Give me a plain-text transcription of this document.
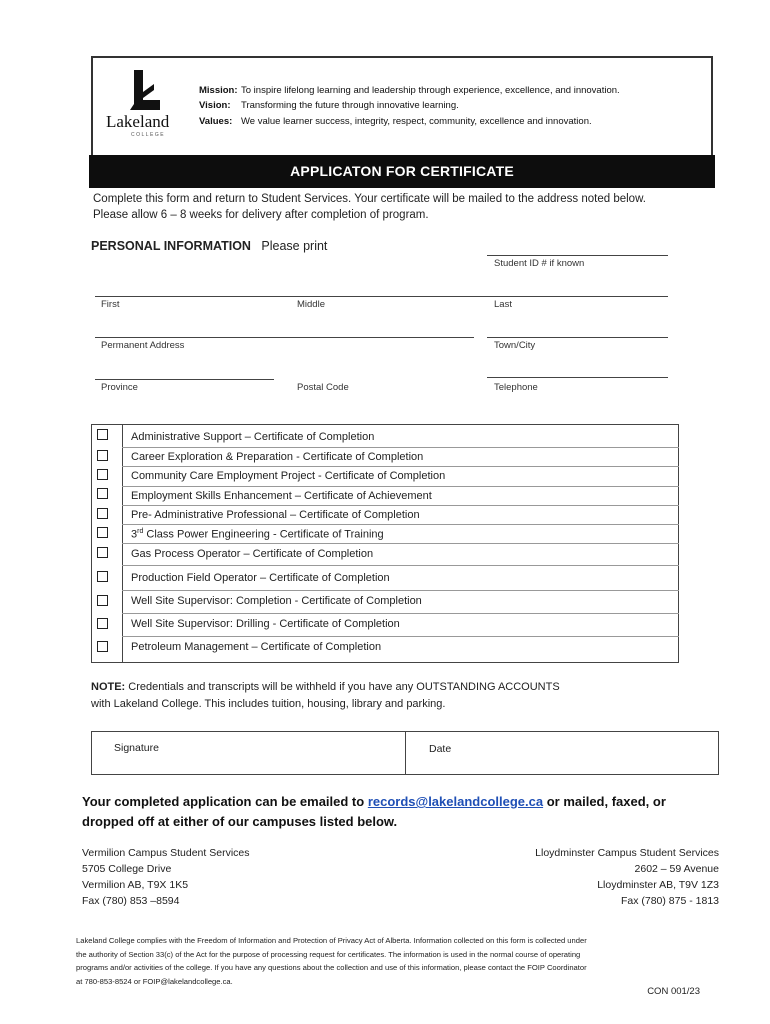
Lakeland
COLLEGE
Mission: To inspire lifelong learning and leadership through experience, excellence, and innovation.
Vision: Transforming the future through innovative learning.
Values: We value learner success, integrity, respect, community, excellence and innovation.
APPLICATON FOR CERTIFICATE
Complete this form and return to Student Services. Your certificate will be mailed to the address noted below.
Please allow 6 – 8 weeks for delivery after completion of program.
PERSONAL INFORMATION Please print
Student ID # if known
First	Middle	Last
Permanent Address	Town/City
Province	Postal Code	Telephone
Administrative Support – Certificate of Completion
Career Exploration & Preparation - Certificate of Completion
Community Care Employment Project - Certificate of Completion
Employment Skills Enhancement – Certificate of Achievement
Pre- Administrative Professional – Certificate of Completion
3rd Class Power Engineering - Certificate of Training
Gas Process Operator – Certificate of Completion
Production Field Operator – Certificate of Completion
Well Site Supervisor: Completion - Certificate of Completion
Well Site Supervisor: Drilling - Certificate of Completion
Petroleum Management – Certificate of Completion
NOTE: Credentials and transcripts will be withheld if you have any OUTSTANDING ACCOUNTS
with Lakeland College. This includes tuition, housing, library and parking.
Signature	Date
Your completed application can be emailed to records@lakelandcollege.ca or mailed, faxed, or
dropped off at either of our campuses listed below.
Vermilion Campus Student Services
5705 College Drive
Vermilion AB, T9X 1K5
Fax (780) 853 –8594
Lloydminster Campus Student Services
2602 – 59 Avenue
Lloydminster AB, T9V 1Z3
Fax (780) 875 - 1813
Lakeland College complies with the Freedom of Information and Protection of Privacy Act of Alberta. Information collected on this form is collected under
the authority of Section 33(c) of the Act for the purpose of processing request for certificates. The information is used in the normal course of operating
programs and/or activities of the college. If you have any questions about the collection and use of this information, please contact the FOIP Coordinator
at 780-853-8524 or FOIP@lakelandcollege.ca.
CON 001/23
